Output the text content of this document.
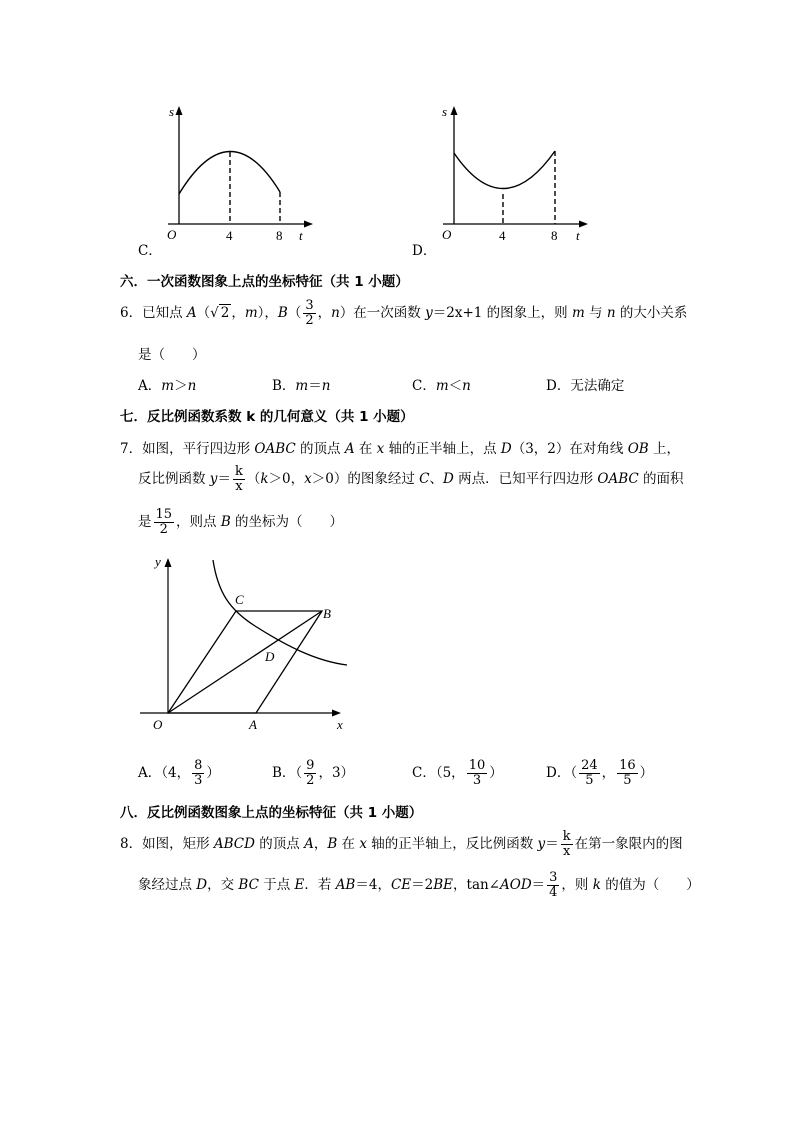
s
O	4	8 t
C．
s
O	4	8 t
D．
六．一次函数图象上点的坐标特征（共 1 小题）
6．已知点 A（√ 2 ，m），$B( \frac{3}{2}$ ，n）在一次函数 y＝2x+1 的图象上，则 m 与 n 的大小关系
是（　　）
A．m＞n	B．m＝n	C．m＜n	D．无法确定
七．反比例函数系数 k 的几何意义（共 1 小题）
7．如图，平行四边形 OABC 的顶点 A 在 x 轴的正半轴上，点 D（3，2）在对角线 OB 上，
反比例函数 $y= \frac{k}{x} (k>0$，x＞0）的图象经过 C、D 两点．已知平行四边形 OABC 的面积
是 $\frac{15}{2}$ ，则点 B 的坐标为（　　）
y
x
O	A
B
C
D
A．（4， $\frac{8}{3}$ ）	B．（ $\frac{9}{2}$ ，3）	C．（5， $\frac{10}{3}$ ）	D．（ $\frac{24}{5}$ ， $\frac{16}{5}$ ）
八．反比例函数图象上点的坐标特征（共 1 小题）
8．如图，矩形 ABCD 的顶点 A，B 在 x 轴的正半轴上，反比例函数 $y= \frac{k}{x}$ 在第一象限内的图
象经过点 D，交 BC 于点 E．若 AB＝4，CE＝2BE，tan∠AOD＝ $\frac{3}{4}$ ，则 k 的值为（　　）
